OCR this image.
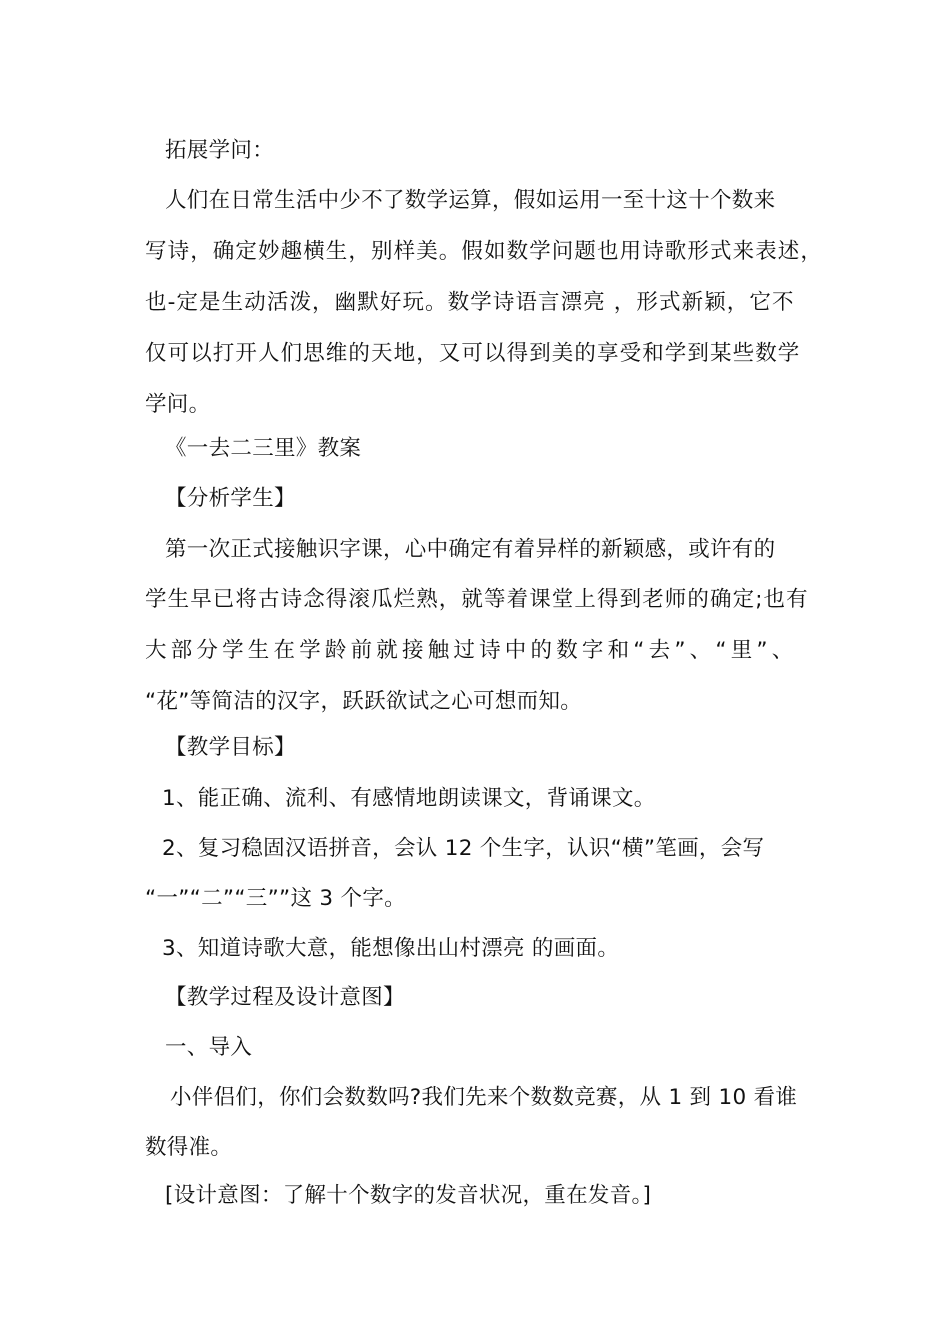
拓展学问：
人们在日常生活中少不了数学运算，假如运用一至十这十个数来
写诗，确定妙趣横生，别样美。假如数学问题也用诗歌形式来表述，
也-定是生动活泼，幽默好玩。数学诗语言漂亮 ，形式新颖，它不
仅可以打开人们思维的天地，又可以得到美的享受和学到某些数学
学问。
《一去二三里》教案
【分析学生】
第一次正式接触识字课，心中确定有着异样的新颖感，或许有的
学生早已将古诗念得滚瓜烂熟，就等着课堂上得到老师的确定;也有
大部分学生在学龄前就接触过诗中的数字和“去”、“里”、
“花”等简洁的汉字，跃跃欲试之心可想而知。
【教学目标】
1、能正确、流利、有感情地朗读课文，背诵课文。
2、复习稳固汉语拼音，会认 12 个生字，认识“横”笔画，会写
“一”“二”“三””这 3 个字。
3、知道诗歌大意，能想像出山村漂亮 的画面。
【教学过程及设计意图】
一、导入
小伴侣们，你们会数数吗?我们先来个数数竞赛，从 1 到 10 看谁
数得准。
[设计意图：了解十个数字的发音状况，重在发音。]
